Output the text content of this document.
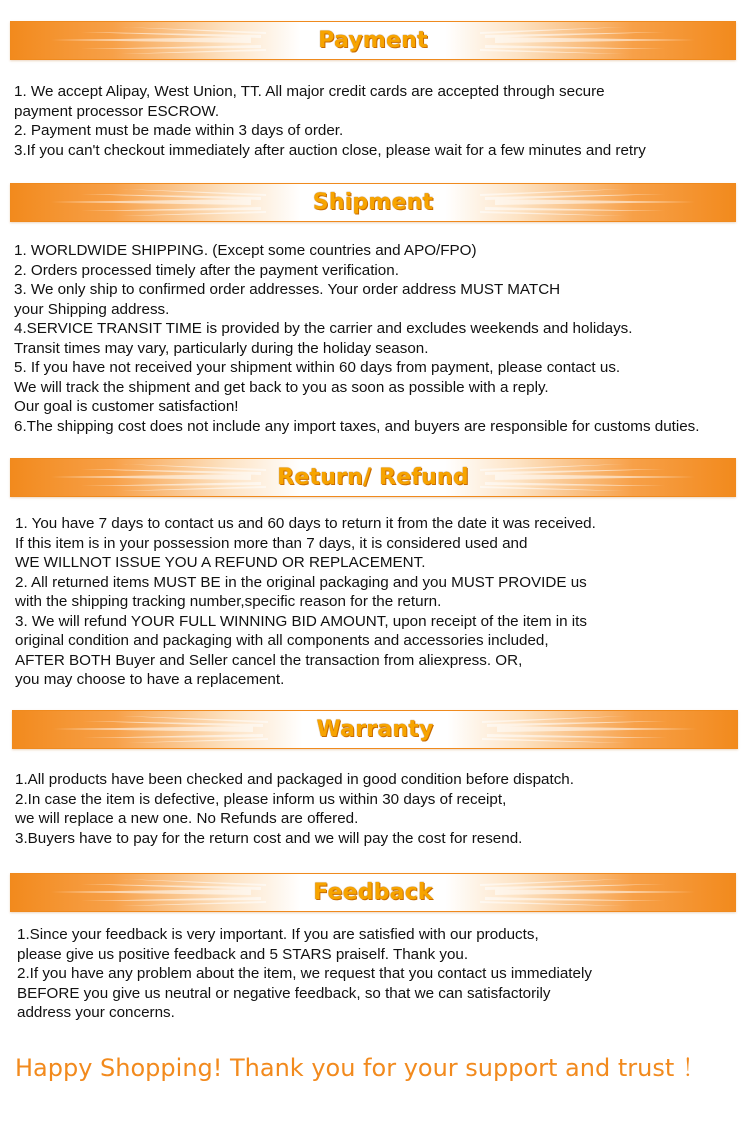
Payment

1. We accept Alipay, West Union, TT. All major credit cards are accepted through secure

payment processor ESCROW.

2. Payment must be made within 3 days of order.

3.If you can't checkout immediately after auction close, please wait for a few minutes and retry

Shipment

1. WORLDWIDE SHIPPING. (Except some countries and APO/FPO)

2. Orders processed timely after the payment verification.

3. We only ship to confirmed order addresses. Your order address MUST MATCH

your Shipping address.

4.SERVICE TRANSIT TIME is provided by the carrier and excludes weekends and holidays.

Transit times may vary, particularly during the holiday season.

5. If you have not received your shipment within 60 days from payment, please contact us.

We will track the shipment and get back to you as soon as possible with a reply.

Our goal is customer satisfaction!

6.The shipping cost does not include any import taxes, and buyers are responsible for customs duties.

Return/ Refund

1. You have 7 days to contact us and 60 days to return it from the date it was received.

If this item is in your possession more than 7 days, it is considered used and

WE WILLNOT ISSUE YOU A REFUND OR REPLACEMENT.

2. All returned items MUST BE in the original packaging and you MUST PROVIDE us

with the shipping tracking number,specific reason for the return.

3. We will refund YOUR FULL WINNING BID AMOUNT, upon receipt of the item in its

original condition and packaging with all components and accessories included,

AFTER BOTH Buyer and Seller cancel the transaction from aliexpress. OR,

you may choose to have a replacement.

Warranty

1.All products have been checked and packaged in good condition before dispatch.

2.In case the item is defective, please inform us within 30 days of receipt,

we will replace a new one. No Refunds are offered.

3.Buyers have to pay for the return cost and we will pay the cost for resend.

Feedback

1.Since your feedback is very important. If you are satisfied with our products,

please give us positive feedback and 5 STARS praiself. Thank you.

2.If you have any problem about the item, we request that you contact us immediately

BEFORE you give us neutral or negative feedback, so that we can satisfactorily

address your concerns.

Happy Shopping! Thank you for your support and trust ！
